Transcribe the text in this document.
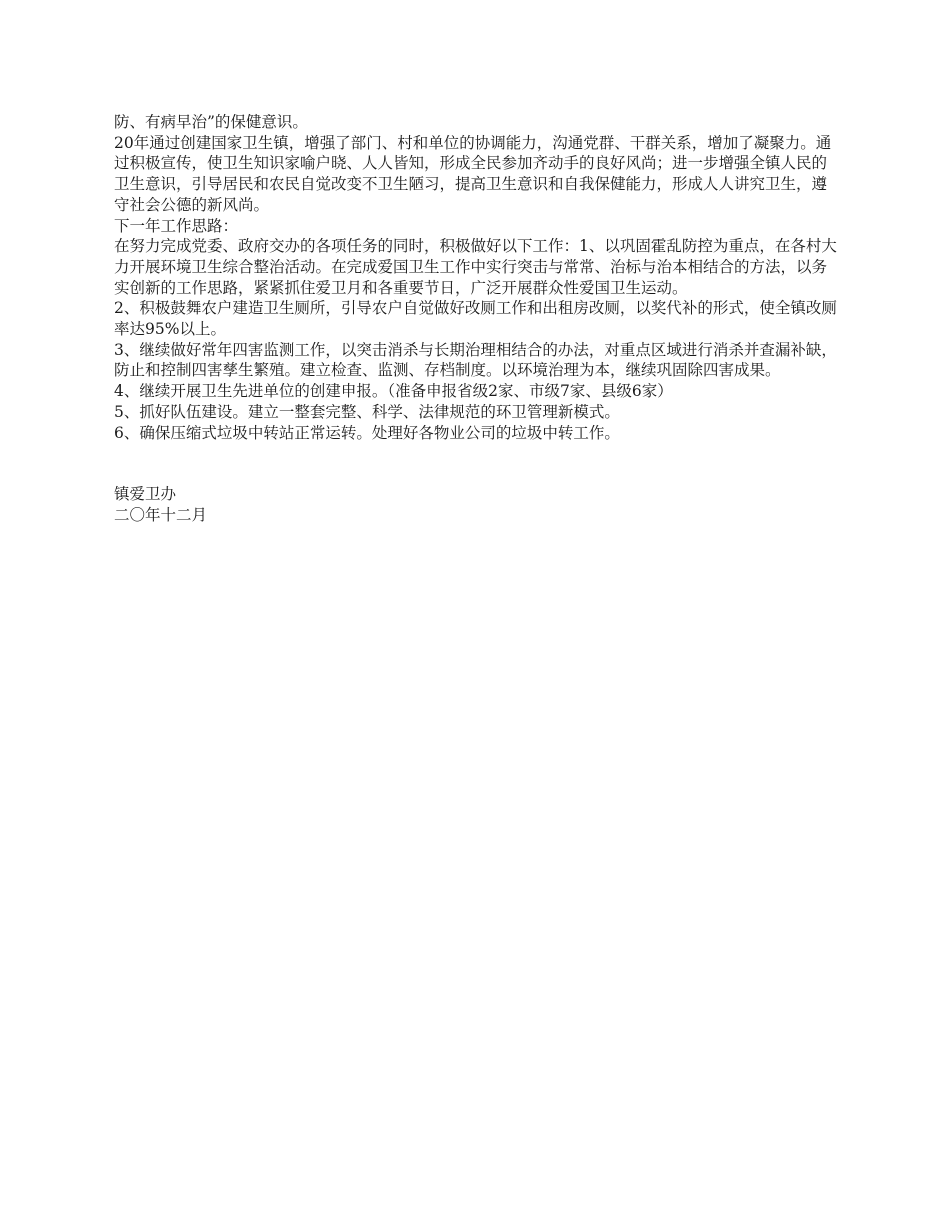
防、有病早治”的保健意识。

20年通过创建国家卫生镇，增强了部门、村和单位的协调能力，沟通党群、干群关系，增加了凝聚力。通过积极宣传，使卫生知识家喻户晓、人人皆知，形成全民参加齐动手的良好风尚；进一步增强全镇人民的卫生意识，引导居民和农民自觉改变不卫生陋习，提高卫生意识和自我保健能力，形成人人讲究卫生，遵守社会公德的新风尚。

下一年工作思路：

在努力完成党委、政府交办的各项任务的同时，积极做好以下工作：1、以巩固霍乱防控为重点，在各村大力开展环境卫生综合整治活动。在完成爱国卫生工作中实行突击与常常、治标与治本相结合的方法，以务实创新的工作思路，紧紧抓住爱卫月和各重要节日，广泛开展群众性爱国卫生运动。

2、积极鼓舞农户建造卫生厕所，引导农户自觉做好改厕工作和出租房改厕，以奖代补的形式，使全镇改厕率达95%以上。

3、继续做好常年四害监测工作，以突击消杀与长期治理相结合的办法，对重点区域进行消杀并查漏补缺，防止和控制四害孳生繁殖。建立检查、监测、存档制度。以环境治理为本，继续巩固除四害成果。

4、继续开展卫生先进单位的创建申报。（准备申报省级2家、市级7家、县级6家）

5、抓好队伍建设。建立一整套完整、科学、法律规范的环卫管理新模式。

6、确保压缩式垃圾中转站正常运转。处理好各物业公司的垃圾中转工作。

镇爱卫办

二〇年十二月
